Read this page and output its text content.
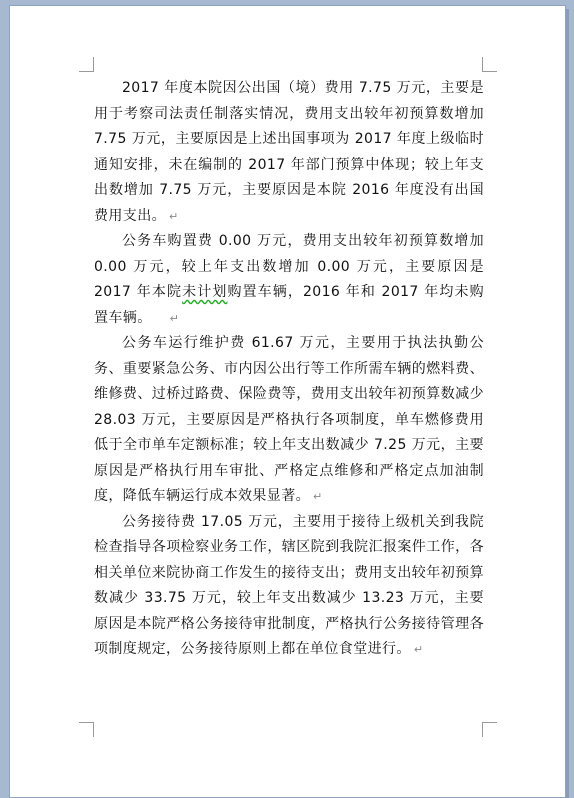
2017 年度本院因公出国（境）费用 7.75 万元，主要是用于考察司法责任制落实情况，费用支出较年初预算数增加 7.75 万元，主要原因是上述出国事项为 2017 年度上级临时通知安排，未在编制的 2017 年部门预算中体现；较上年支出数增加 7.75 万元，主要原因是本院 2016 年度没有出国费用支出。 ↵

公务车购置费 0.00 万元，费用支出较年初预算数增加 0.00 万元，较上年支出数增加 0.00 万元，主要原因是 2017 年本院未计划购置车辆，2016 年和 2017 年均未购置车辆。 ↵

公务车运行维护费 61.67 万元，主要用于执法执勤公务、重要紧急公务、市内因公出行等工作所需车辆的燃料费、维修费、过桥过路费、保险费等，费用支出较年初预算数减少 28.03 万元，主要原因是严格执行各项制度，单车燃修费用低于全市单车定额标准；较上年支出数减少 7.25 万元，主要原因是严格执行用车审批、严格定点维修和严格定点加油制度，降低车辆运行成本效果显著。 ↵

公务接待费 17.05 万元，主要用于接待上级机关到我院检查指导各项检察业务工作，辖区院到我院汇报案件工作，各相关单位来院协商工作发生的接待支出；费用支出较年初预算数减少 33.75 万元，较上年支出数减少 13.23 万元，主要原因是本院严格公务接待审批制度，严格执行公务接待管理各项制度规定，公务接待原则上都在单位食堂进行。 ↵
